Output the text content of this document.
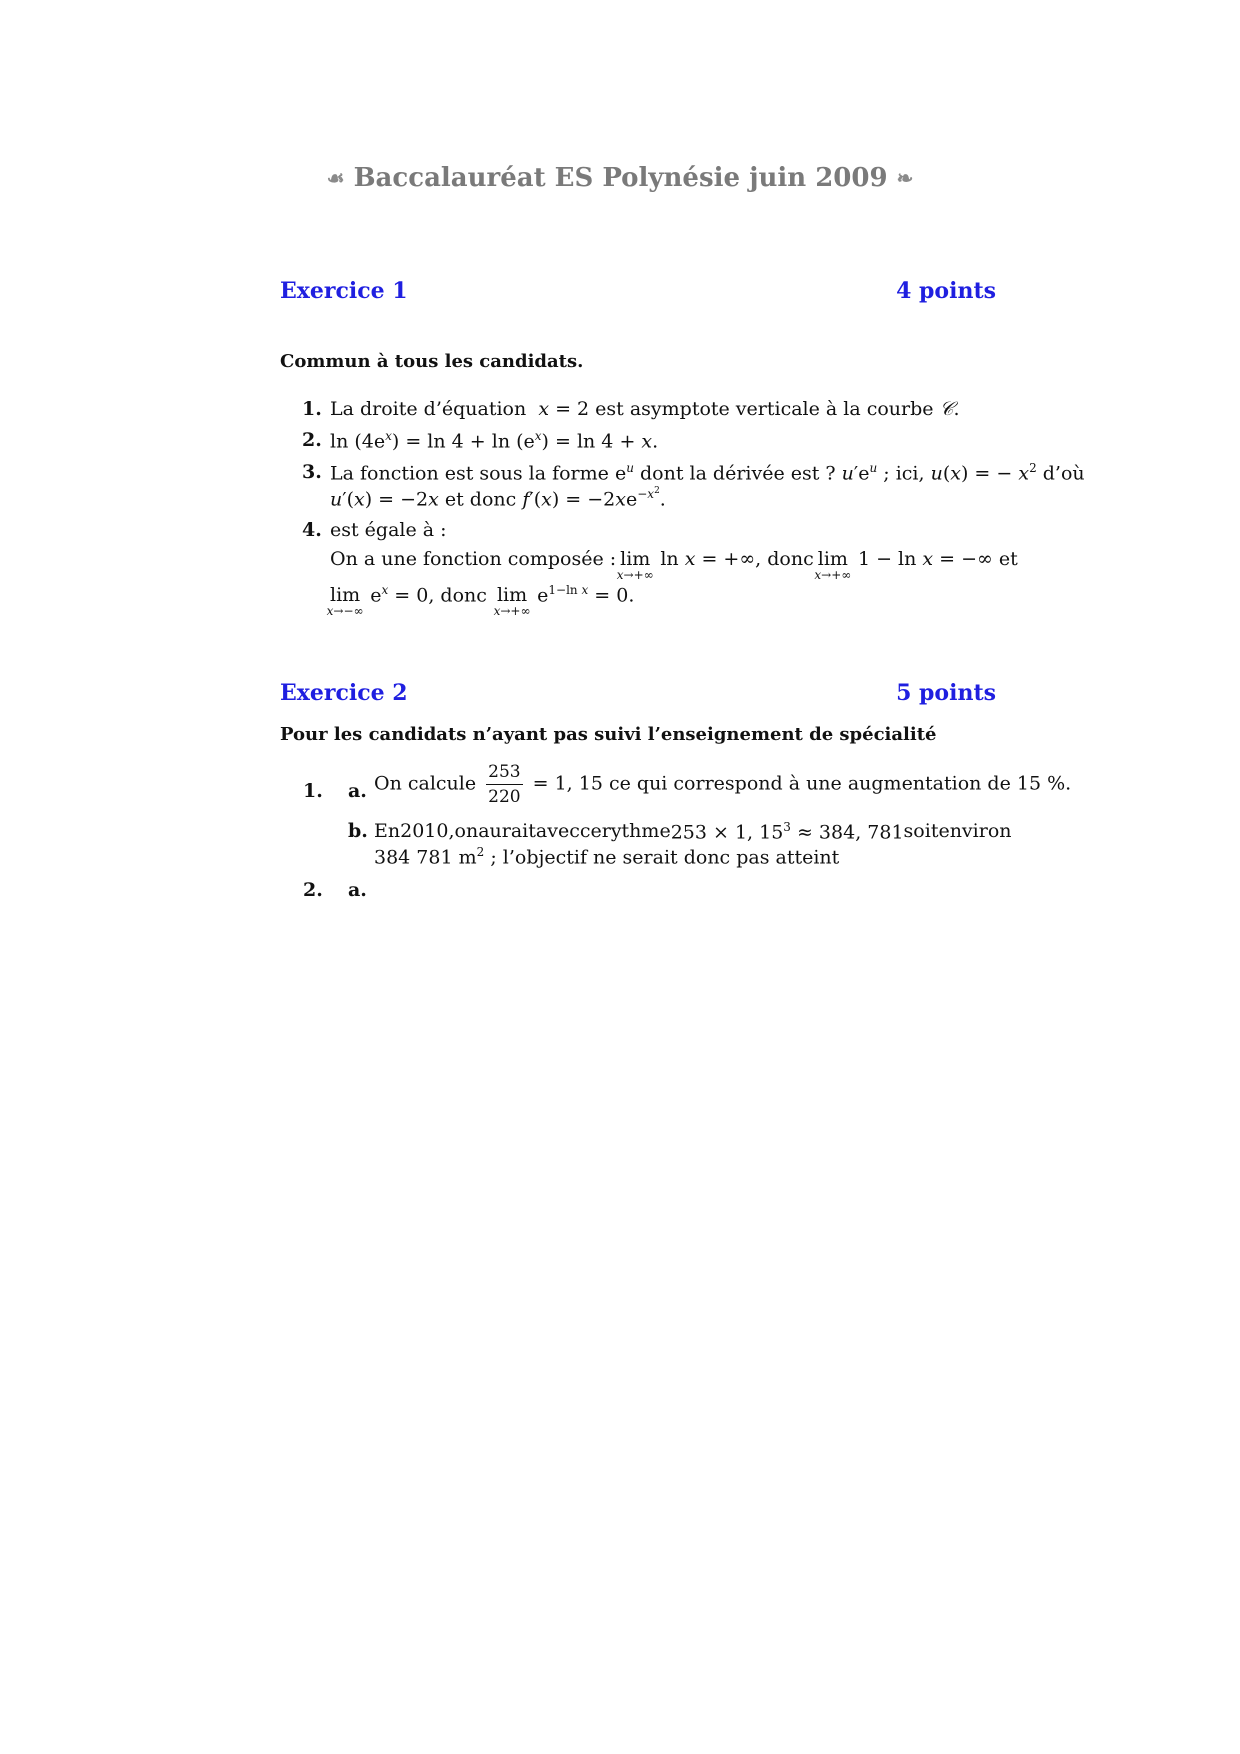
☙ Baccalauréat ES Polynésie juin 2009 ❧
Exercice 1	4 points
Commun à tous les candidats.
1. La droite d’équation  x = 2 est asymptote verticale à la courbe 𝒞.
2. $\ln (4e^x) = \ln 4 + \ln (e^x) = \ln 4 + x$.
3. La fonction est sous la forme $e^u$ dont la dérivée est ? $u'e^u$ ; ici, u(x) = − $x^2$ d’où
u′(x) = −2x et donc $f'(x) = -2xe^{-x^2}$.
4. est égale à :
On a une fonction composée : lim
x→+∞
ln x = +∞, donc lim
x→+∞
1 − ln x = −∞ et
lim
x→−∞
$e^x = 0$, donc lim
x→+∞
$e^{1-ln x} = 0$.
Exercice 2	5 points
Pour les candidats n’ayant pas suivi l’enseignement de spécialité
1. a. On calcule $\frac{253}{220} = 1$, 15 ce qui correspond à une augmentation de 15 %.
b. En 2010, on aurait avec ce rythme 253 × 1, $15^3 \approx 384$, 781 soit environ
384 781 $m^2$ ; l’objectif ne serait donc pas atteint
2. a.
